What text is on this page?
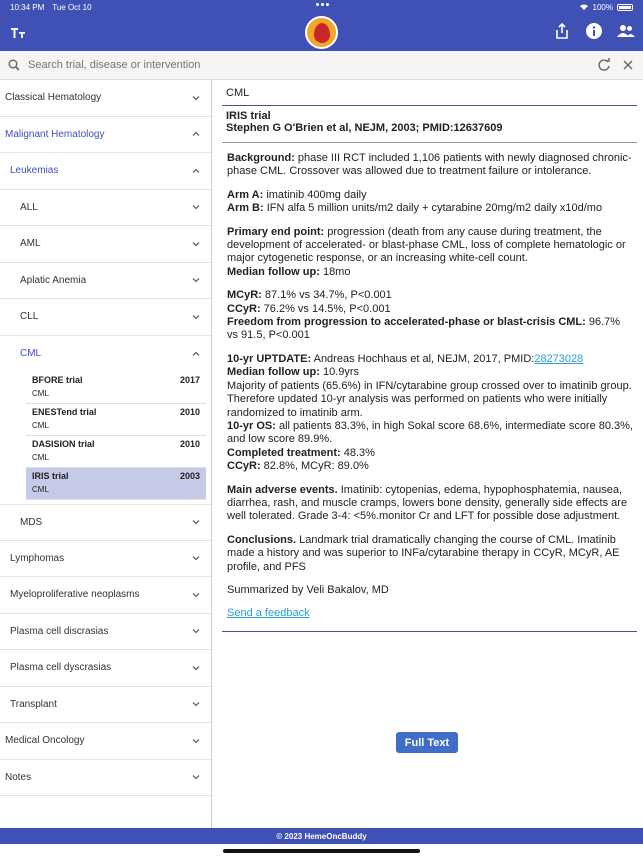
10:34 PM Tue Oct 10	100%
Search trial, disease or intervention
Classical Hematology
Malignant Hematology
Leukemias
ALL
AML
Aplatic Anemia
CLL
CML
BFORE trial	2017
CML
ENESTend trial	2010
CML
DASISION trial	2010
CML
IRIS trial	2003
CML
MDS
Lymphomas
Myeloproliferative neoplasms
Plasma cell discrasias
Plasma cell dyscrasias
Transplant
Medical Oncology
Notes
CML
IRIS trial
Stephen G O'Brien et al, NEJM, 2003; PMID:12637609

Background: phase III RCT included 1,106 patients with newly diagnosed chronic-phase CML. Crossover was allowed due to treatment failure or intolerance.

Arm A: imatinib 400mg daily
Arm B: IFN alfa 5 million units/m2 daily + cytarabine 20mg/m2 daily x10d/mo

Primary end point: progression (death from any cause during treatment, the development of accelerated- or blast-phase CML, loss of complete hematologic or major cytogenetic response, or an increasing white-cell count.
Median follow up: 18mo

MCyR: 87.1% vs 34.7%, P<0.001
CCyR: 76.2% vs 14.5%, P<0.001
Freedom from progression to accelerated-phase or blast-crisis CML: 96.7% vs 91.5, P<0.001

10-yr UPTDATE: Andreas Hochhaus et al, NEJM, 2017, PMID:28273028
Median follow up: 10.9yrs
Majority of patients (65.6%) in IFN/cytarabine group crossed over to imatinib group. Therefore updated 10-yr analysis was performed on patients who were initially randomized to imatinib arm.
10-yr OS: all patients 83.3%, in high Sokal score 68.6%, intermediate score 80.3%, and low score 89.9%.
Completed treatment: 48.3%
CCyR: 82.8%, MCyR: 89.0%

Main adverse events. Imatinib: cytopenias, edema, hypophosphatemia, nausea, diarrhea, rash, and muscle cramps, lowers bone density, generally side effects are well tolerated. Grade 3-4: <5%.monitor Cr and LFT for possible dose adjustment.

Conclusions. Landmark trial dramatically changing the course of CML. Imatinib made a history and was superior to INFa/cytarabine therapy in CCyR, MCyR, AE profile, and PFS

Summarized by Veli Bakalov, MD

Send a feedback

Full Text
© 2023 HemeOncBuddy
